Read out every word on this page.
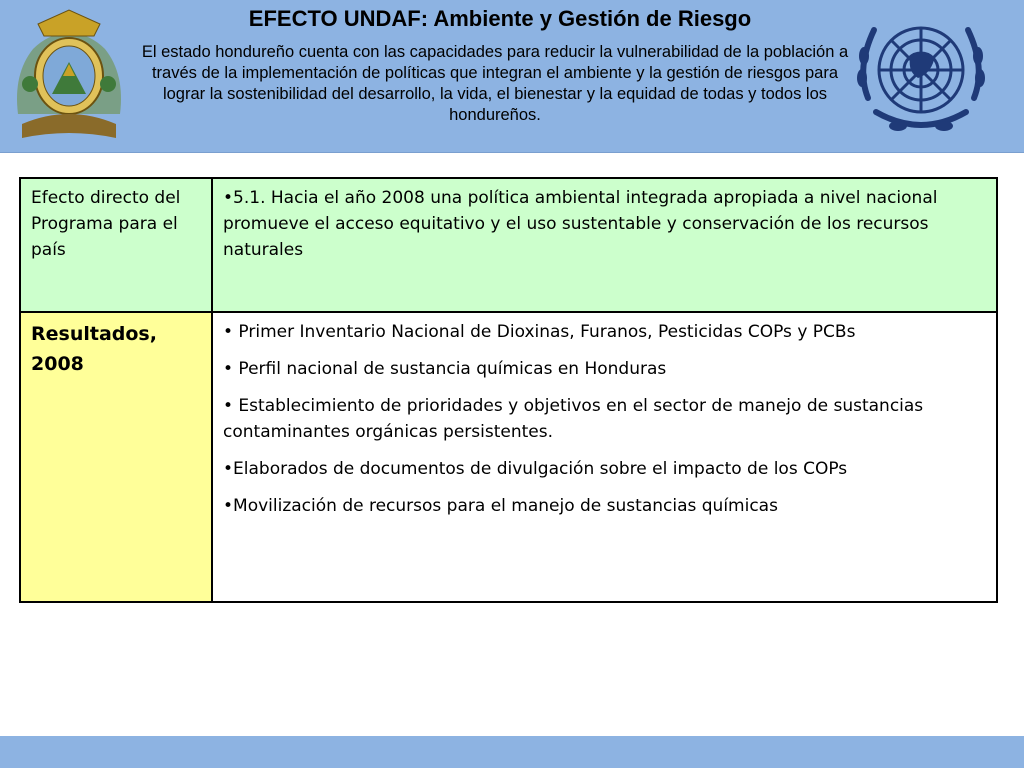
EFECTO UNDAF: Ambiente y Gestión de Riesgo
El estado hondureño cuenta con las capacidades para reducir la vulnerabilidad de la población a través de la implementación de políticas que integran el ambiente y la gestión de riesgos para lograr la sostenibilidad del desarrollo, la vida, el bienestar y la equidad de todas y todos los hondureños.
Efecto directo del Programa para el país	•5.1. Hacia el año 2008 una política ambiental integrada apropiada a nivel nacional promueve el acceso equitativo y el uso sustentable y conservación de los recursos naturales

Resultados, 2008	• Primer Inventario Nacional de Dioxinas, Furanos, Pesticidas COPs y PCBs
• Perfil nacional de sustancia químicas en Honduras
• Establecimiento de prioridades y objetivos en el sector de manejo de sustancias contaminantes orgánicas persistentes.
•Elaborados de documentos de divulgación sobre el impacto de los COPs
•Movilización de recursos para el manejo de sustancias químicas
